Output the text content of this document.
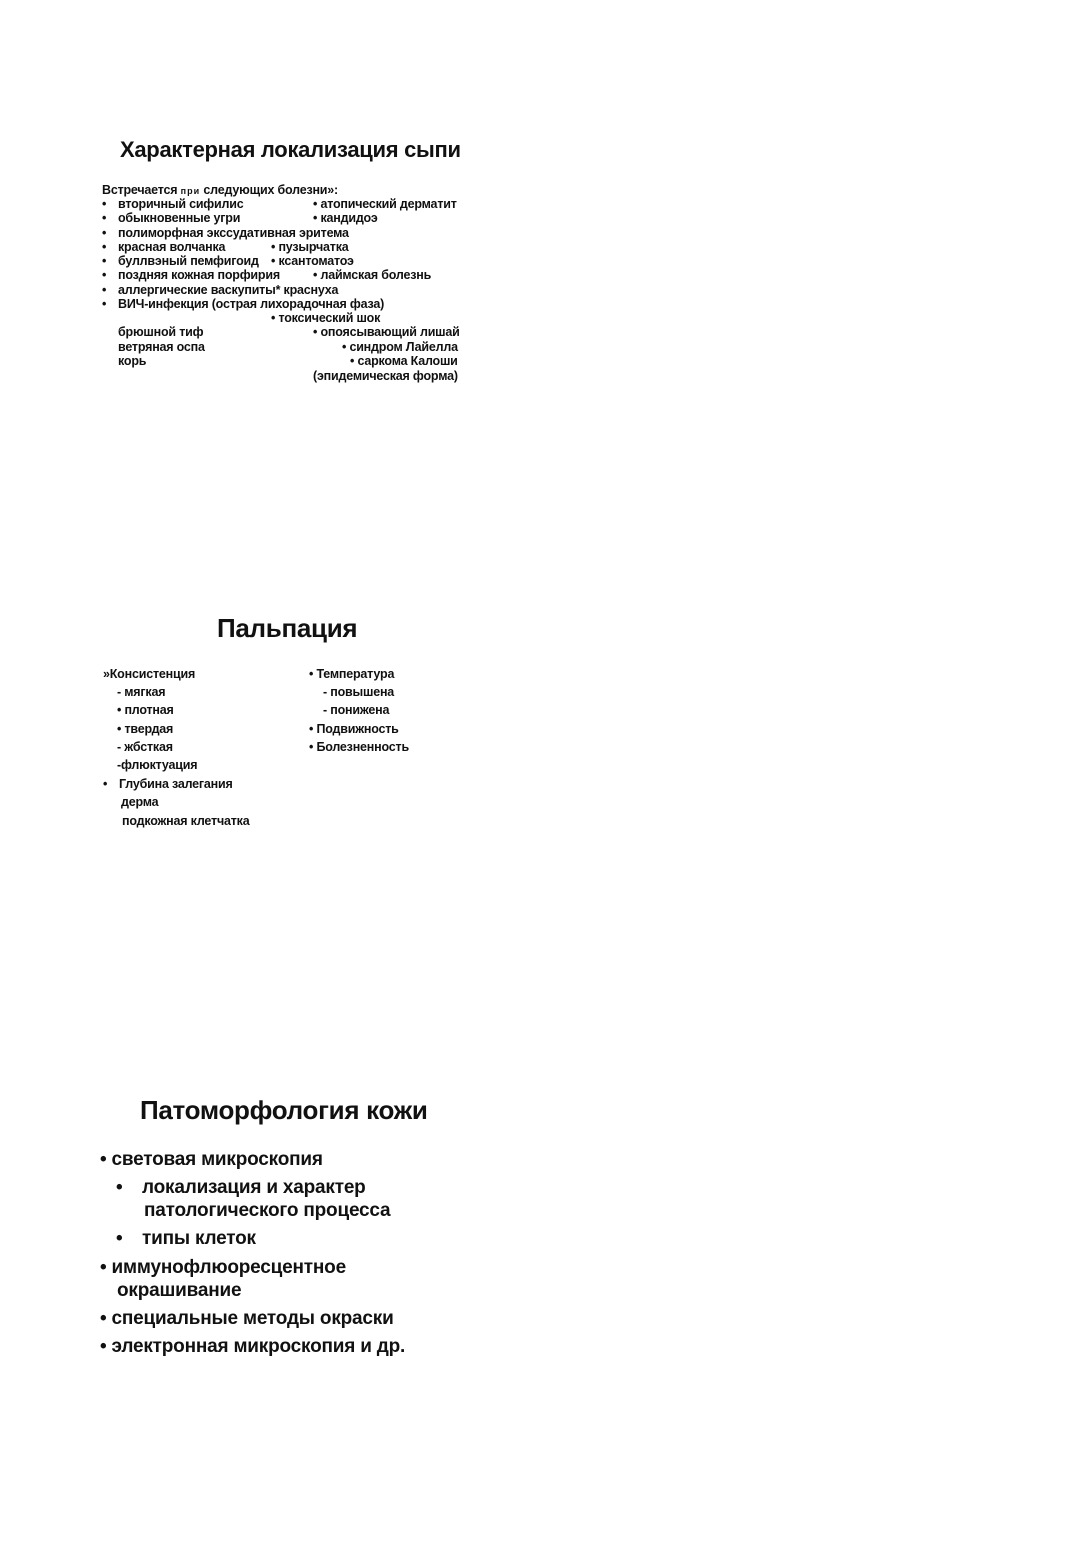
Характерная локализация сыпи
Встречается при следующих болезни»:
• вторичный сифилис	• атопический дерматит
• обыкновенные угри	• кандидоэ
• полиморфная экссудативная эритема
• красная волчанка	• пузырчатка
• буллвэный пемфигоид • ксантоматоэ
• поздняя кожная порфирия	• лаймская болезнь
• аллергические васкупиты* краснуха
• ВИЧ-инфекция (острая лихорадочная фаза)
• токсический шок
брюшной тиф	• опоясывающий лишай
ветряная оспа	• синдром Лайелла
корь	• саркома Калоши
(эпидемическая форма)
Пальпация
»Консистенция
- мягкая
• плотная
• твердая
- жбсткая
-флюктуация
• Глубина залегания
дерма
подкожная клетчатка
• Температура
- повышена
- понижена
• Подвижность
• Болезненность
Патоморфология кожи
• световая микроскопия
• локализация и характер
патологического процесса
• типы клеток
• иммунофлюоресцентное
окрашивание
• специальные методы окраски
• электронная микроскопия и др.
